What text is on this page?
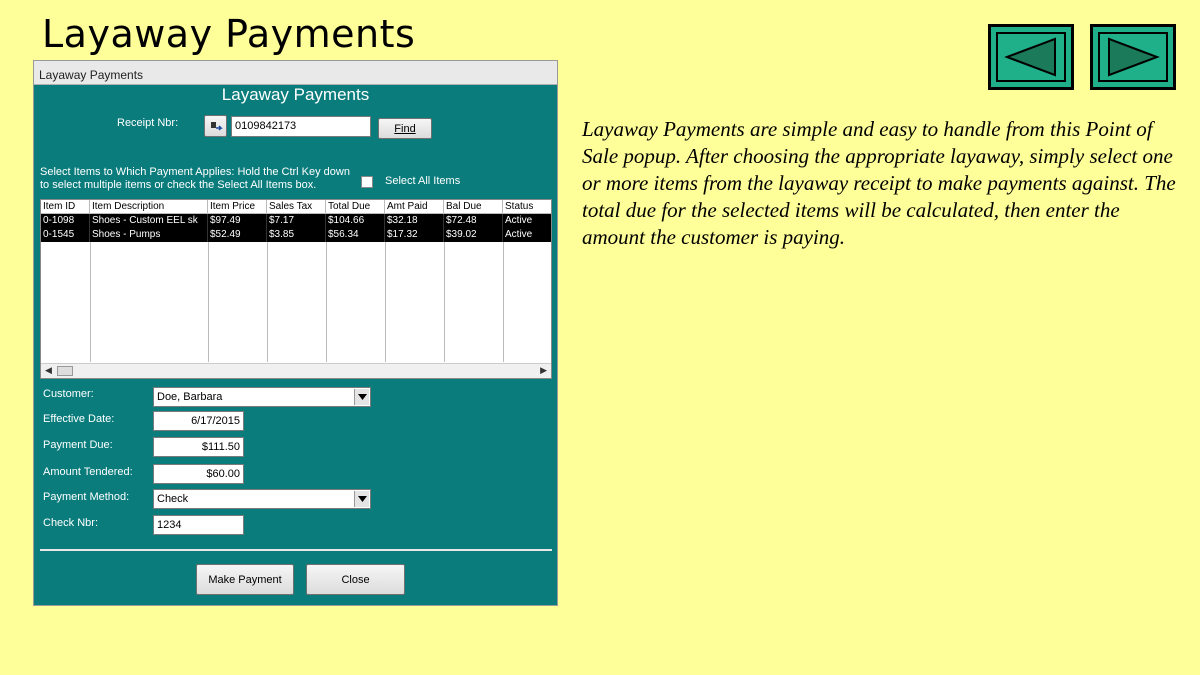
Layaway Payments
Layaway Payments
Layaway Payments
Receipt Nbr:	0109842173	Find
Select Items to Which Payment Applies: Hold the Ctrl Key down
to select multiple items or check the Select All Items box.	Select All Items
Item ID	Item Description	Item Price	Sales Tax	Total Due	Amt Paid	Bal Due	Status
0-1098	Shoes - Custom EEL sk	$97.49	$7.17	$104.66	$32.18	$72.48	Active
0-1545	Shoes - Pumps	$52.49	$3.85	$56.34	$17.32	$39.02	Active
◀	▶
Customer:	Doe, Barbara
Effective Date:	6/17/2015
Payment Due:	$111.50
Amount Tendered:	$60.00
Payment Method:	Check
Check Nbr:	1234
Make Payment	Close
Layaway Payments are simple and easy to handle from this Point of Sale popup. After choosing the appropriate layaway, simply select one or more items from the layaway receipt to make payments against. The total due for the selected items will be calculated, then enter the amount the customer is paying.
